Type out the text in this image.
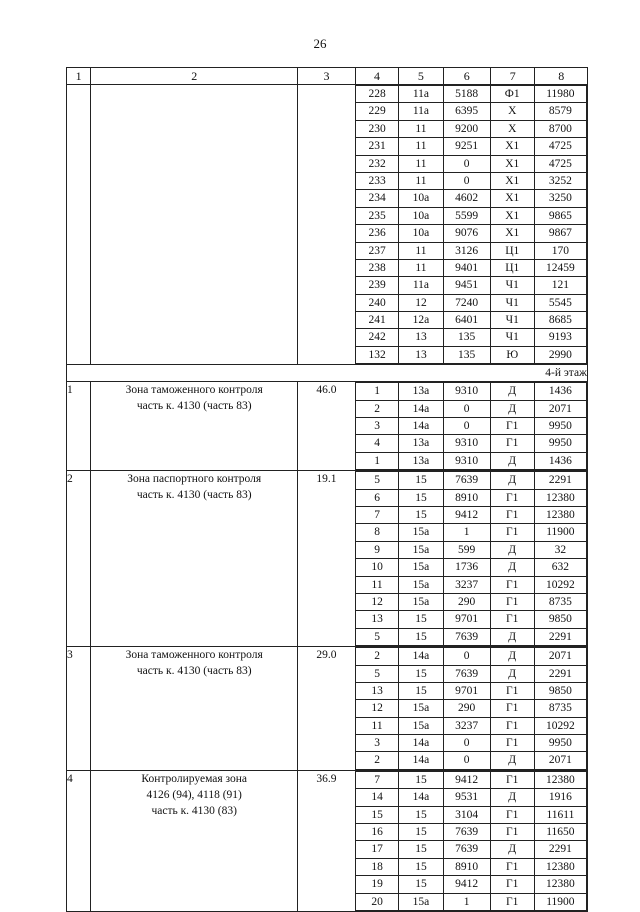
26
1	2	3	4	5	6	7	8

228	11a	5188	Ф1	11980
229	11a	6395	Х	8579
230	11	9200	Х	8700
231	11	9251	Х1	4725
232	11	0	Х1	4725
233	11	0	Х1	3252
234	10a	4602	Х1	3250
235	10a	5599	Х1	9865
236	10a	9076	Х1	9867
237	11	3126	Ц1	170
238	11	9401	Ц1	12459
239	11a	9451	Ч1	121
240	12	7240	Ч1	5545
241	12a	6401	Ч1	8685
242	13	135	Ч1	9193
132	13	135	Ю	2990

4-й этаж
1	Зона таможенного контроля
часть к. 4130 (часть 83)
	46.0		1	13a	9310	Д	1436
2	14a	0	Д	2071
3	14a	0	Г1	9950
4	13a	9310	Г1	9950
1	13a	9310	Д	1436

2	Зона паспортного контроля
часть к. 4130 (часть 83)
	19.1		5	15	7639	Д	2291
6	15	8910	Г1	12380
7	15	9412	Г1	12380
8	15a	1	Г1	11900
9	15a	599	Д	32
10	15a	1736	Д	632
11	15a	3237	Г1	10292
12	15a	290	Г1	8735
13	15	9701	Г1	9850
5	15	7639	Д	2291

3	Зона таможенного контроля
часть к. 4130 (часть 83)
	29.0		2	14a	0	Д	2071
5	15	7639	Д	2291
13	15	9701	Г1	9850
12	15a	290	Г1	8735
11	15a	3237	Г1	10292
3	14a	0	Г1	9950
2	14a	0	Д	2071

4	Контролируемая зона
4126 (94), 4118 (91)
часть к. 4130 (83)
	36.9		7	15	9412	Г1	12380
14	14a	9531	Д	1916
15	15	3104	Г1	11611
16	15	7639	Г1	11650
17	15	7639	Д	2291
18	15	8910	Г1	12380
19	15	9412	Г1	12380
20	15a	1	Г1	11900
